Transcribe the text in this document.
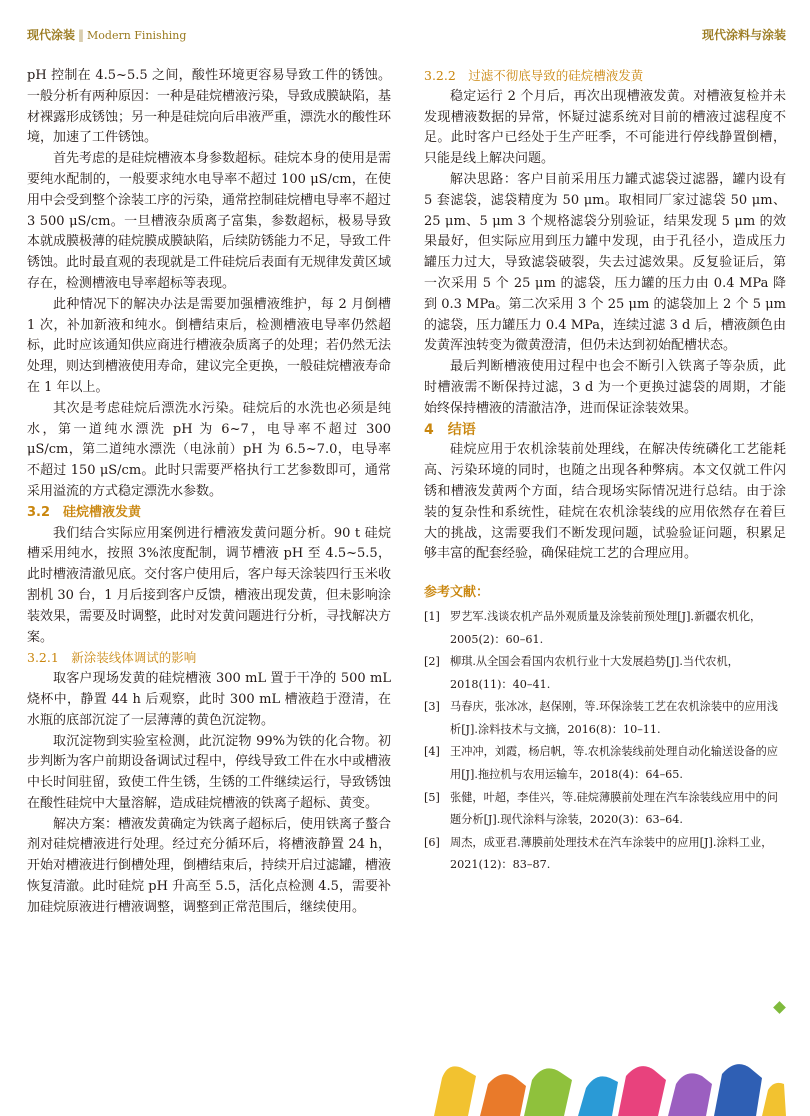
现代涂装 ‖ Modern Finishing	现代涂料与涂装

pH 控制在 4.5~5.5 之间，酸性环境更容易导致工件的锈蚀。一般分析有两种原因：一种是硅烷槽液污染，导致成膜缺陷，基材裸露形成锈蚀；另一种是硅烷向后串液严重，漂洗水的酸性环境，加速了工件锈蚀。

首先考虑的是硅烷槽液本身参数超标。硅烷本身的使用是需要纯水配制的，一般要求纯水电导率不超过 100 μS/cm，在使用中会受到整个涂装工序的污染，通常控制硅烷槽电导率不超过 3 500 μS/cm。一旦槽液杂质离子富集，参数超标，极易导致本就成膜极薄的硅烷膜成膜缺陷，后续防锈能力不足，导致工件锈蚀。此时最直观的表现就是工件硅烷后表面有无规律发黄区域存在，检测槽液电导率超标等表现。

此种情况下的解决办法是需要加强槽液维护，每 2 月倒槽 1 次，补加新液和纯水。倒槽结束后，检测槽液电导率仍然超标，此时应该通知供应商进行槽液杂质离子的处理；若仍然无法处理，则达到槽液使用寿命，建议完全更换，一般硅烷槽液寿命在 1 年以上。

其次是考虑硅烷后漂洗水污染。硅烷后的水洗也必须是纯水，第一道纯水漂洗 pH 为 6~7，电导率不超过 300 μS/cm，第二道纯水漂洗（电泳前）pH 为 6.5~7.0，电导率不超过 150 μS/cm。此时只需要严格执行工艺参数即可，通常采用溢流的方式稳定漂洗水参数。

3.2　硅烷槽液发黄

我们结合实际应用案例进行槽液发黄问题分析。90 t 硅烷槽采用纯水，按照 3%浓度配制，调节槽液 pH 至 4.5~5.5，此时槽液清澈见底。交付客户使用后，客户每天涂装四行玉米收割机 30 台，1 月后接到客户反馈，槽液出现发黄，但未影响涂装效果，需要及时调整，此时对发黄问题进行分析，寻找解决方案。

3.2.1　新涂装线体调试的影响

取客户现场发黄的硅烷槽液 300 mL 置于干净的 500 mL 烧杯中，静置 44 h 后观察，此时 300 mL 槽液趋于澄清，在水瓶的底部沉淀了一层薄薄的黄色沉淀物。

取沉淀物到实验室检测，此沉淀物 99%为铁的化合物。初步判断为客户前期设备调试过程中，停线导致工件在水中或槽液中长时间驻留，致使工件生锈，生锈的工件继续运行，导致锈蚀在酸性硅烷中大量溶解，造成硅烷槽液的铁离子超标、黄变。

解决方案：槽液发黄确定为铁离子超标后，使用铁离子螯合剂对硅烷槽液进行处理。经过充分循环后，将槽液静置 24 h，开始对槽液进行倒槽处理，倒槽结束后，持续开启过滤罐，槽液恢复清澈。此时硅烷 pH 升高至 5.5，活化点检测 4.5，需要补加硅烷原液进行槽液调整，调整到正常范围后，继续使用。

3.2.2　过滤不彻底导致的硅烷槽液发黄

稳定运行 2 个月后，再次出现槽液发黄。对槽液复检并未发现槽液数据的异常，怀疑过滤系统对目前的槽液过滤程度不足。此时客户已经处于生产旺季，不可能进行停线静置倒槽，只能是线上解决问题。

解决思路：客户目前采用压力罐式滤袋过滤器，罐内设有 5 套滤袋，滤袋精度为 50 μm。取相同厂家过滤袋 50 μm、25 μm、5 μm 3 个规格滤袋分别验证，结果发现 5 μm 的效果最好，但实际应用到压力罐中发现，由于孔径小，造成压力罐压力过大，导致滤袋破裂，失去过滤效果。反复验证后，第一次采用 5 个 25 μm 的滤袋，压力罐的压力由 0.4 MPa 降到 0.3 MPa。第二次采用 3 个 25 μm 的滤袋加上 2 个 5 μm 的滤袋，压力罐压力 0.4 MPa，连续过滤 3 d 后，槽液颜色由发黄浑浊转变为微黄澄清，但仍未达到初始配槽状态。

最后判断槽液使用过程中也会不断引入铁离子等杂质，此时槽液需不断保持过滤，3 d 为一个更换过滤袋的周期，才能始终保持槽液的清澈洁净，进而保证涂装效果。

4　结语

硅烷应用于农机涂装前处理线，在解决传统磷化工艺能耗高、污染环境的同时，也随之出现各种弊病。本文仅就工件闪锈和槽液发黄两个方面，结合现场实际情况进行总结。由于涂装的复杂性和系统性，硅烷在农机涂装线的应用依然存在着巨大的挑战，这需要我们不断发现问题，试验验证问题，积累足够丰富的配套经验，确保硅烷工艺的合理应用。

参考文献：
[1] 罗艺军.浅谈农机产品外观质量及涂装前预处理[J].新疆农机化，2005(2)：60–61.
[2] 柳琪.从全国会看国内农机行业十大发展趋势[J].当代农机，2018(11)：40–41.
[3] 马春庆，张冰冰，赵保刚，等.环保涂装工艺在农机涂装中的应用浅析[J].涂料技术与文摘，2016(8)：10–11.
[4] 王冲冲，刘霞，杨启帆，等.农机涂装线前处理自动化输送设备的应用[J].拖拉机与农用运输车，2018(4)：64–65.
[5] 张健，叶超，李佳兴，等.硅烷薄膜前处理在汽车涂装线应用中的问题分析[J].现代涂料与涂装，2020(3)：63–64.
[6] 周杰，成亚君.薄膜前处理技术在汽车涂装中的应用[J].涂料工业，2021(12)：83–87.
